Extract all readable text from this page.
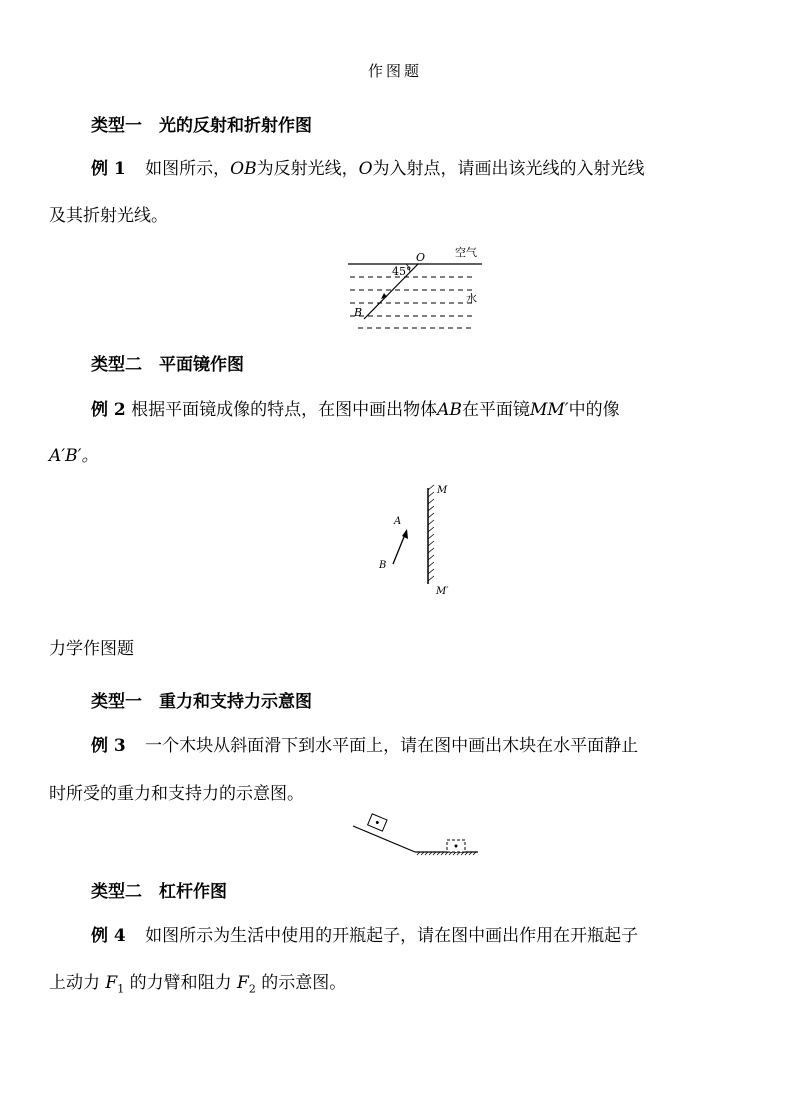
作图题
类型一　光的反射和折射作图
例 1 如图所示，OB为反射光线，O为入射点，请画出该光线的入射光线
及其折射光线。
O
45°
空气
水
B
类型二　平面镜作图
例 2 根据平面镜成像的特点，在图中画出物体AB在平面镜MM′中的像
A′B′。
M
M′
A
B
力学作图题
类型一　重力和支持力示意图
例 3 一个木块从斜面滑下到水平面上，请在图中画出木块在水平面静止
时所受的重力和支持力的示意图。
类型二　杠杆作图
例 4 如图所示为生活中使用的开瓶起子，请在图中画出作用在开瓶起子
上动力 $F_1$ 的力臂和阻力 $F_2$ 的示意图。
